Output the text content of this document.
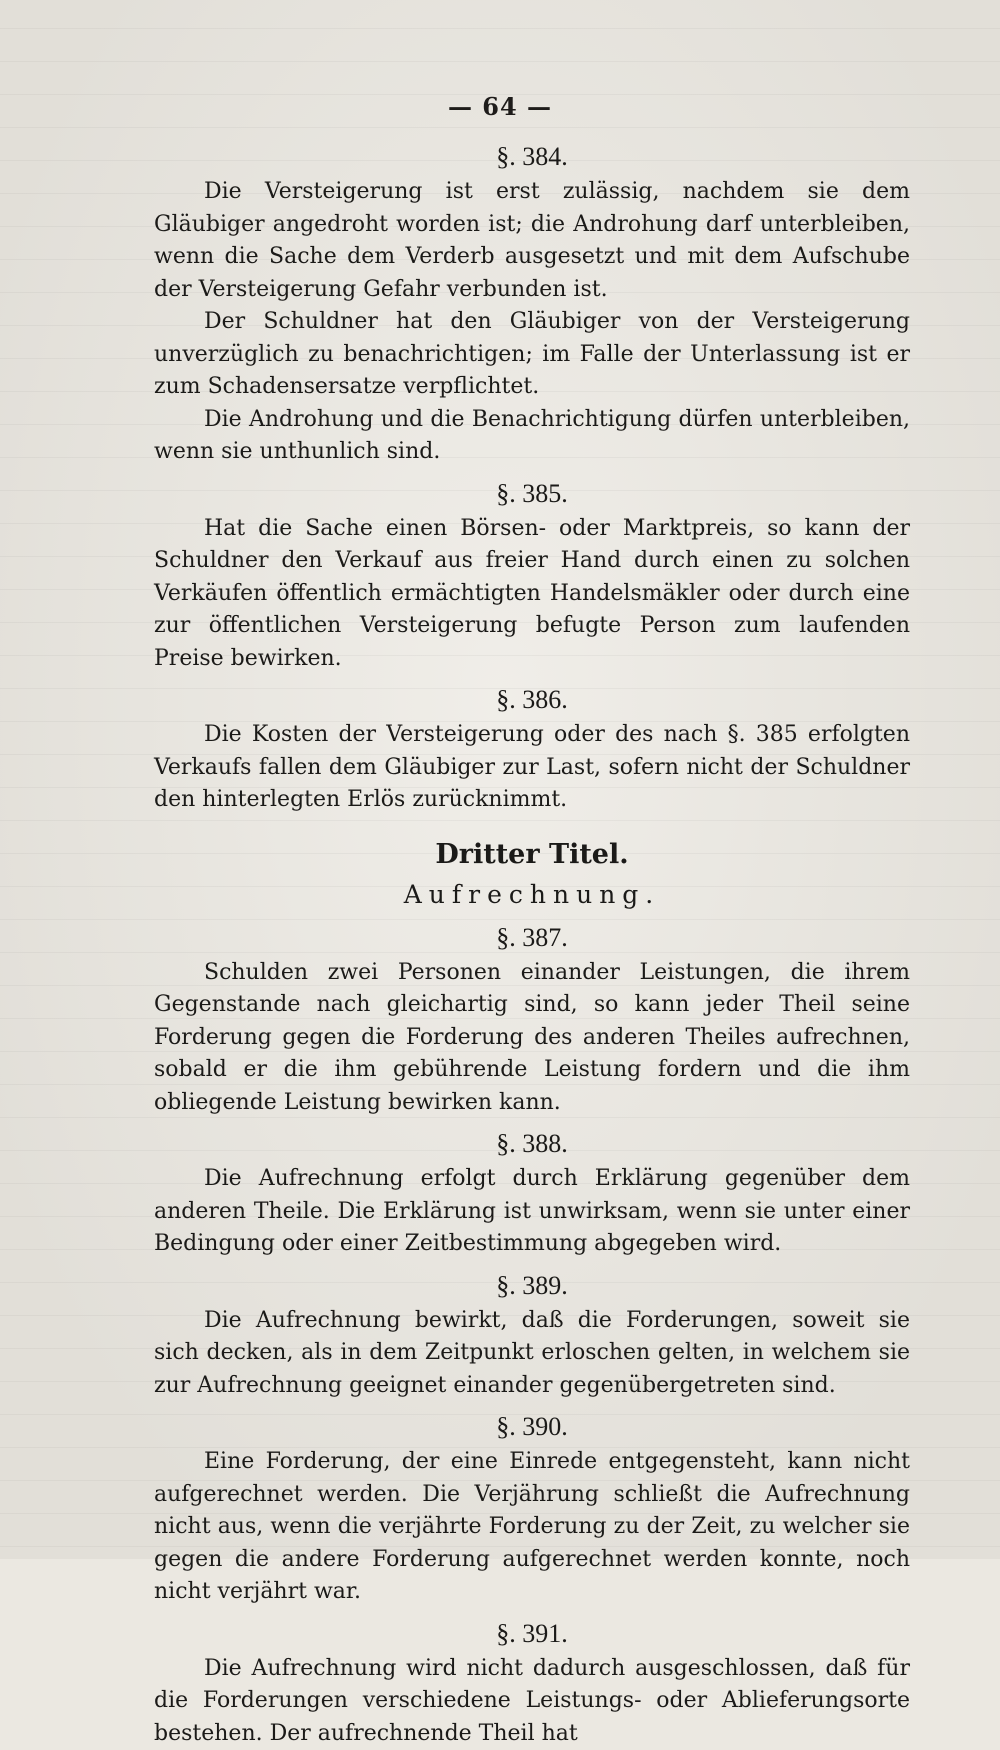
— 64 —
§. 384.

Die Versteigerung ist erst zulässig, nachdem sie dem Gläubiger angedroht worden ist; die Androhung darf unterbleiben, wenn die Sache dem Verderb ausgesetzt und mit dem Aufschube der Versteigerung Gefahr verbunden ist.

Der Schuldner hat den Gläubiger von der Versteigerung unverzüglich zu benachrichtigen; im Falle der Unterlassung ist er zum Schadensersatze verpflichtet.

Die Androhung und die Benachrichtigung dürfen unterbleiben, wenn sie unthunlich sind.

§. 385.

Hat die Sache einen Börsen- oder Marktpreis, so kann der Schuldner den Verkauf aus freier Hand durch einen zu solchen Verkäufen öffentlich ermächtigten Handelsmäkler oder durch eine zur öffentlichen Versteigerung befugte Person zum laufenden Preise bewirken.

§. 386.

Die Kosten der Versteigerung oder des nach §. 385 erfolgten Verkaufs fallen dem Gläubiger zur Last, sofern nicht der Schuldner den hinterlegten Erlös zurücknimmt.

Dritter Titel.
Aufrechnung.
§. 387.

Schulden zwei Personen einander Leistungen, die ihrem Gegenstande nach gleichartig sind, so kann jeder Theil seine Forderung gegen die Forderung des anderen Theiles aufrechnen, sobald er die ihm gebührende Leistung fordern und die ihm obliegende Leistung bewirken kann.

§. 388.

Die Aufrechnung erfolgt durch Erklärung gegenüber dem anderen Theile. Die Erklärung ist unwirksam, wenn sie unter einer Bedingung oder einer Zeitbestimmung abgegeben wird.

§. 389.

Die Aufrechnung bewirkt, daß die Forderungen, soweit sie sich decken, als in dem Zeitpunkt erloschen gelten, in welchem sie zur Aufrechnung geeignet einander gegenübergetreten sind.

§. 390.

Eine Forderung, der eine Einrede entgegensteht, kann nicht aufgerechnet werden. Die Verjährung schließt die Aufrechnung nicht aus, wenn die verjährte Forderung zu der Zeit, zu welcher sie gegen die andere Forderung aufgerechnet werden konnte, noch nicht verjährt war.

§. 391.

Die Aufrechnung wird nicht dadurch ausgeschlossen, daß für die Forderungen verschiedene Leistungs- oder Ablieferungsorte bestehen. Der aufrechnende Theil hat
